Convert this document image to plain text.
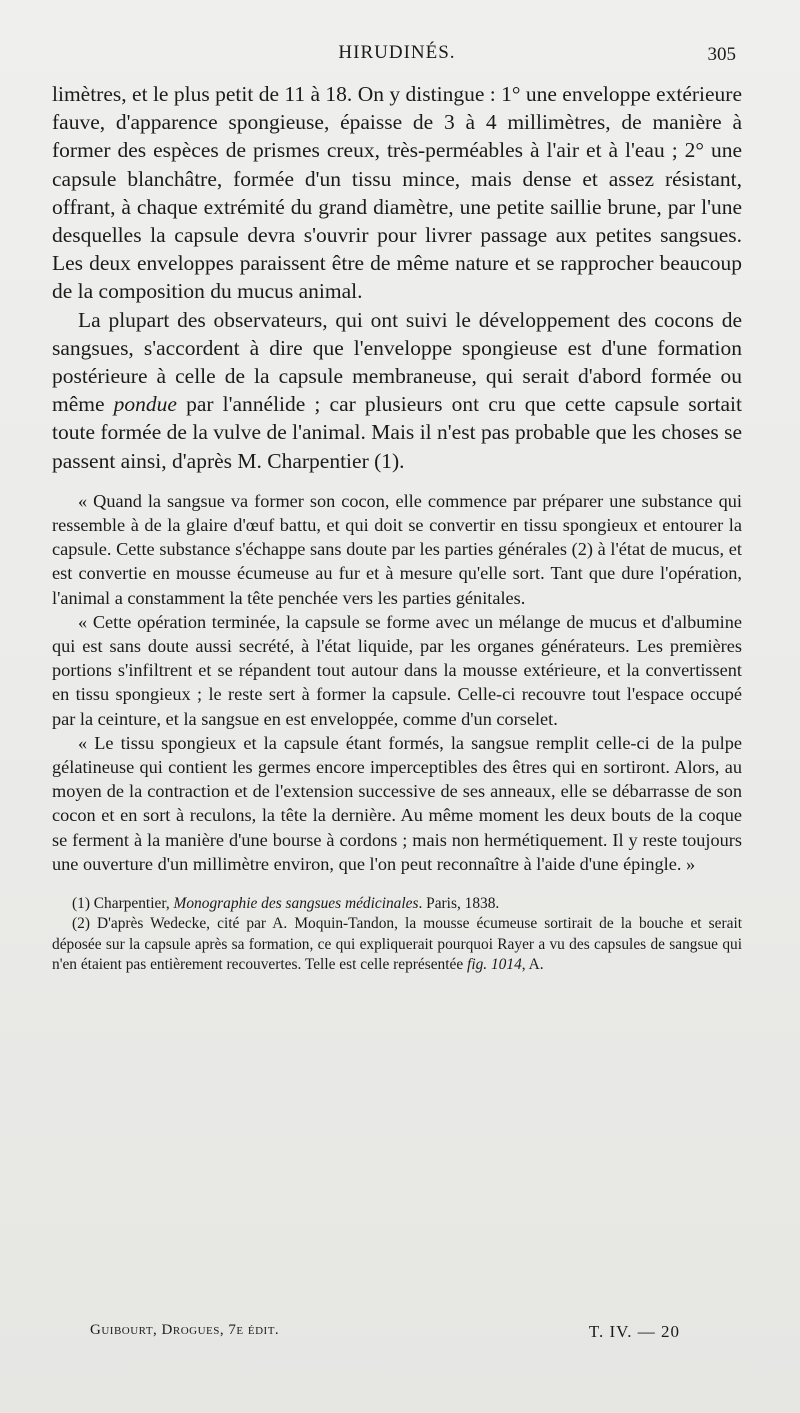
HIRUDINÉS.	305

limètres, et le plus petit de 11 à 18. On y distingue : 1° une enveloppe extérieure fauve, d'apparence spongieuse, épaisse de 3 à 4 millimètres, de manière à former des espèces de prismes creux, très-perméables à l'air et à l'eau ; 2° une capsule blanchâtre, formée d'un tissu mince, mais dense et assez résistant, offrant, à chaque extrémité du grand diamètre, une petite saillie brune, par l'une desquelles la capsule devra s'ouvrir pour livrer passage aux petites sangsues. Les deux enveloppes paraissent être de même nature et se rapprocher beaucoup de la composition du mucus animal.

La plupart des observateurs, qui ont suivi le développement des cocons de sangsues, s'accordent à dire que l'enveloppe spongieuse est d'une formation postérieure à celle de la capsule membraneuse, qui serait d'abord formée ou même pondue par l'annélide ; car plusieurs ont cru que cette capsule sortait toute formée de la vulve de l'animal. Mais il n'est pas probable que les choses se passent ainsi, d'après M. Charpentier (1).

« Quand la sangsue va former son cocon, elle commence par préparer une substance qui ressemble à de la glaire d'œuf battu, et qui doit se convertir en tissu spongieux et entourer la capsule. Cette substance s'échappe sans doute par les parties générales (2) à l'état de mucus, et est convertie en mousse écumeuse au fur et à mesure qu'elle sort. Tant que dure l'opération, l'animal a constamment la tête penchée vers les parties génitales.

« Cette opération terminée, la capsule se forme avec un mélange de mucus et d'albumine qui est sans doute aussi secrété, à l'état liquide, par les organes générateurs. Les premières portions s'infiltrent et se répandent tout autour dans la mousse extérieure, et la convertissent en tissu spongieux ; le reste sert à former la capsule. Celle-ci recouvre tout l'espace occupé par la ceinture, et la sangsue en est enveloppée, comme d'un corselet.

« Le tissu spongieux et la capsule étant formés, la sangsue remplit celle-ci de la pulpe gélatineuse qui contient les germes encore imperceptibles des êtres qui en sortiront. Alors, au moyen de la contraction et de l'extension successive de ses anneaux, elle se débarrasse de son cocon et en sort à reculons, la tête la dernière. Au même moment les deux bouts de la coque se ferment à la manière d'une bourse à cordons ; mais non hermétiquement. Il y reste toujours une ouverture d'un millimètre environ, que l'on peut reconnaître à l'aide d'une épingle. »

(1) Charpentier, Monographie des sangsues médicinales. Paris, 1838.

(2) D'après Wedecke, cité par A. Moquin-Tandon, la mousse écumeuse sortirait de la bouche et serait déposée sur la capsule après sa formation, ce qui expliquerait pourquoi Rayer a vu des capsules de sangsue qui n'en étaient pas entièrement recouvertes. Telle est celle représentée fig. 1014, A.

Guibourt, Drogues, 7e édit.	T. IV. — 20
